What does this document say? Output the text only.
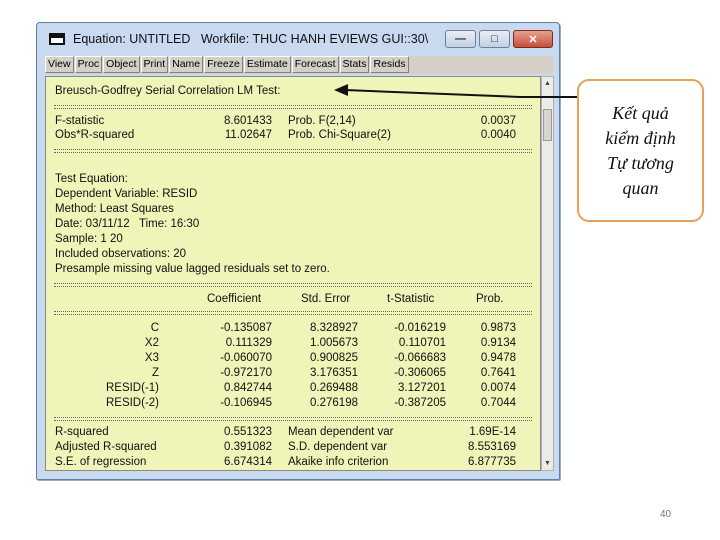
Equation: UNTITLED   Workfile: THUC HANH EVIEWS GUI::30\	—	□	✕
View Proc Object Print Name Freeze Estimate Forecast Stats Resids
Breusch-Godfrey Serial Correlation LM Test:
F-statistic	8.601433 Prob. F(2,14)	0.0037
Obs*R-squared	11.02647 Prob. Chi-Square(2)	0.0040
Test Equation:
Dependent Variable: RESID
Method: Least Squares
Date: 03/11/12   Time: 16:30
Sample: 1 20
Included observations: 20
Presample missing value lagged residuals set to zero.
Coefficient	Std. Error	t-Statistic	Prob.
C	-0.135087	8.328927	-0.016219	0.9873
X2	0.111329	1.005673	0.110701	0.9134
X3	-0.060070	0.900825	-0.066683	0.9478
Z	-0.972170	3.176351	-0.306065	0.7641
RESID(-1)	0.842744	0.269488	3.127201	0.0074
RESID(-2)	-0.106945	0.276198	-0.387205	0.7044
R-squared	0.551323 Mean dependent var	1.69E-14
Adjusted R-squared	0.391082 S.D. dependent var	8.553169
S.E. of regression	6.674314 Akaike info criterion	6.877735
▲
▼
Kết quả
kiểm định
Tự tương
quan
40
